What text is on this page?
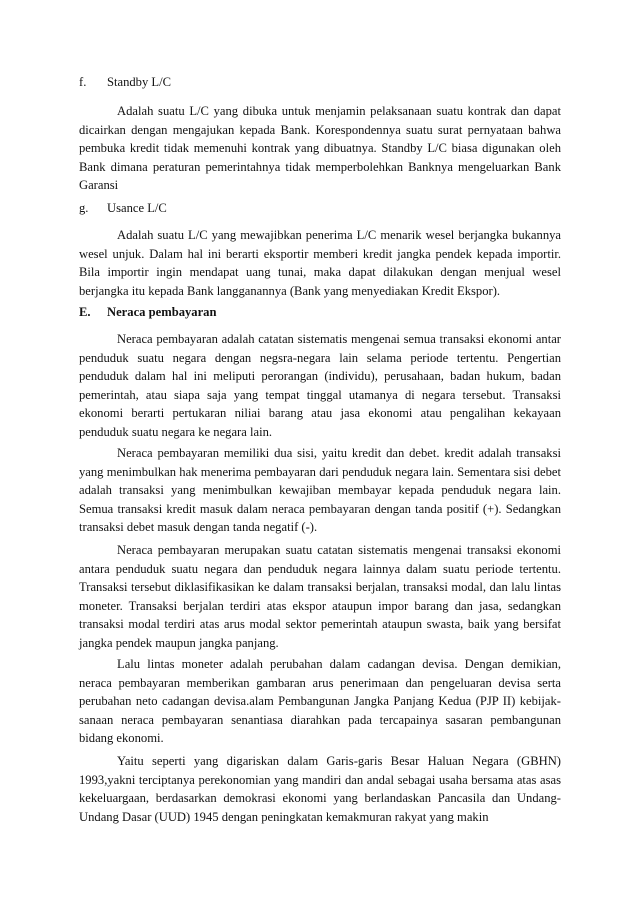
f.	Standby L/C

Adalah suatu L/C yang dibuka untuk menjamin pelaksanaan suatu kontrak dan dapat dicairkan dengan mengajukan kepada Bank. Korespondennya suatu surat pernyataan bahwa pembuka kredit tidak memenuhi kontrak yang dibuatnya. Standby L/C biasa digunakan oleh Bank dimana peraturan pemerintahnya tidak memperbolehkan Banknya mengeluarkan Bank Garansi

g.	Usance L/C

Adalah suatu L/C yang mewajibkan penerima L/C menarik wesel berjangka bukannya wesel unjuk. Dalam hal ini berarti eksportir memberi kredit jangka pendek kepada importir. Bila importir ingin mendapat uang tunai, maka dapat dilakukan dengan menjual wesel berjangka itu kepada Bank langganannya (Bank yang menyediakan Kredit Ekspor).

E.	Neraca pembayaran

Neraca pembayaran adalah catatan sistematis mengenai semua transaksi ekonomi antar penduduk suatu negara dengan negsra-negara lain selama periode tertentu. Pengertian penduduk dalam hal ini meliputi perorangan (individu), perusahaan, badan hukum, badan pemerintah, atau siapa saja yang tempat tinggal utamanya di negara tersebut. Transaksi ekonomi berarti pertukaran niliai barang atau jasa ekonomi atau pengalihan kekayaan penduduk suatu negara ke negara lain.

Neraca pembayaran memiliki dua sisi, yaitu kredit dan debet. kredit adalah transaksi yang menimbulkan hak menerima pembayaran dari penduduk negara lain. Sementara sisi debet adalah transaksi yang menimbulkan kewajiban membayar kepada penduduk negara lain. Semua transaksi kredit masuk dalam neraca pembayaran dengan tanda positif (+). Sedangkan transaksi debet masuk dengan tanda negatif (-).

Neraca pembayaran merupakan suatu catatan sistematis mengenai transaksi ekonomi antara penduduk suatu negara dan penduduk negara lainnya dalam suatu periode tertentu. Transaksi tersebut diklasifikasikan ke dalam transaksi berjalan, transaksi modal, dan lalu lintas moneter. Transaksi berjalan terdiri atas ekspor ataupun impor barang dan jasa, sedangkan transaksi modal terdiri atas arus modal sektor pemerintah ataupun swasta, baik yang bersifat jangka pendek maupun jangka panjang.

Lalu lintas moneter adalah perubahan dalam cadangan devisa. Dengan demikian, neraca pembayaran memberikan gambaran arus penerimaan dan pengeluaran devisa serta perubahan neto cadangan devisa.alam Pembangunan Jangka Panjang Kedua (PJP II) kebijak-sanaan neraca pembayaran senantiasa diarahkan pada tercapainya sasaran pembangunan bidang ekonomi.

Yaitu seperti yang digariskan dalam Garis-garis Besar Haluan Negara (GBHN) 1993,yakni terciptanya perekonomian yang mandiri dan andal sebagai usaha bersama atas asas kekeluargaan, berdasarkan demokrasi ekonomi yang berlandaskan Pancasila dan Undang-Undang Dasar (UUD) 1945 dengan peningkatan kemakmuran rakyat yang makin
